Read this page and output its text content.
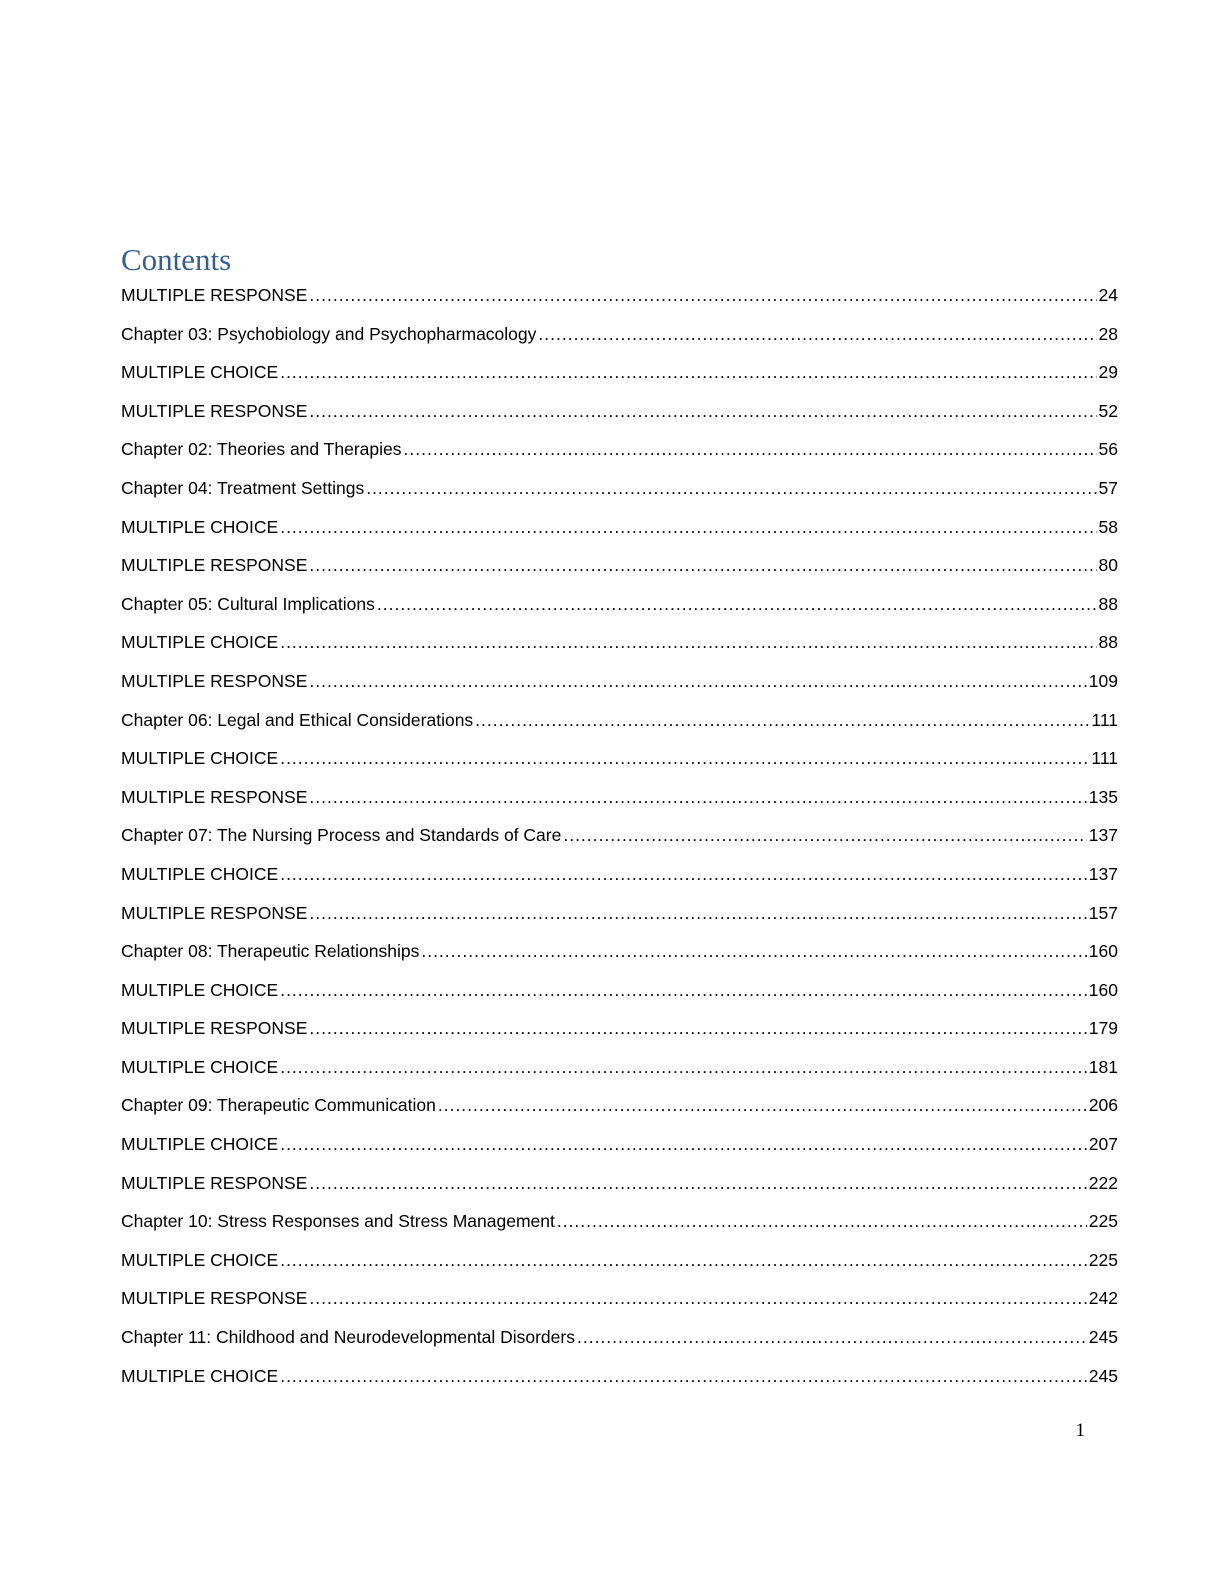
Contents
MULTIPLE RESPONSE .....	24
Chapter 03: Psychobiology and Psychopharmacology .....	28
MULTIPLE CHOICE .....	29
MULTIPLE RESPONSE .....	52
Chapter 02: Theories and Therapies .....	56
Chapter 04: Treatment Settings .....	57
MULTIPLE CHOICE .....	58
MULTIPLE RESPONSE .....	80
Chapter 05: Cultural Implications .....	88
MULTIPLE CHOICE .....	88
MULTIPLE RESPONSE .....	109
Chapter 06: Legal and Ethical Considerations .....	111
MULTIPLE CHOICE .....	111
MULTIPLE RESPONSE .....	135
Chapter 07: The Nursing Process and Standards of Care .....	137
MULTIPLE CHOICE .....	137
MULTIPLE RESPONSE .....	157
Chapter 08: Therapeutic Relationships .....	160
MULTIPLE CHOICE .....	160
MULTIPLE RESPONSE .....	179
MULTIPLE CHOICE .....	181
Chapter 09: Therapeutic Communication .....	206
MULTIPLE CHOICE .....	207
MULTIPLE RESPONSE .....	222
Chapter 10: Stress Responses and Stress Management .....	225
MULTIPLE CHOICE .....	225
MULTIPLE RESPONSE .....	242
Chapter 11: Childhood and Neurodevelopmental Disorders .....	245
MULTIPLE CHOICE .....	245
1
